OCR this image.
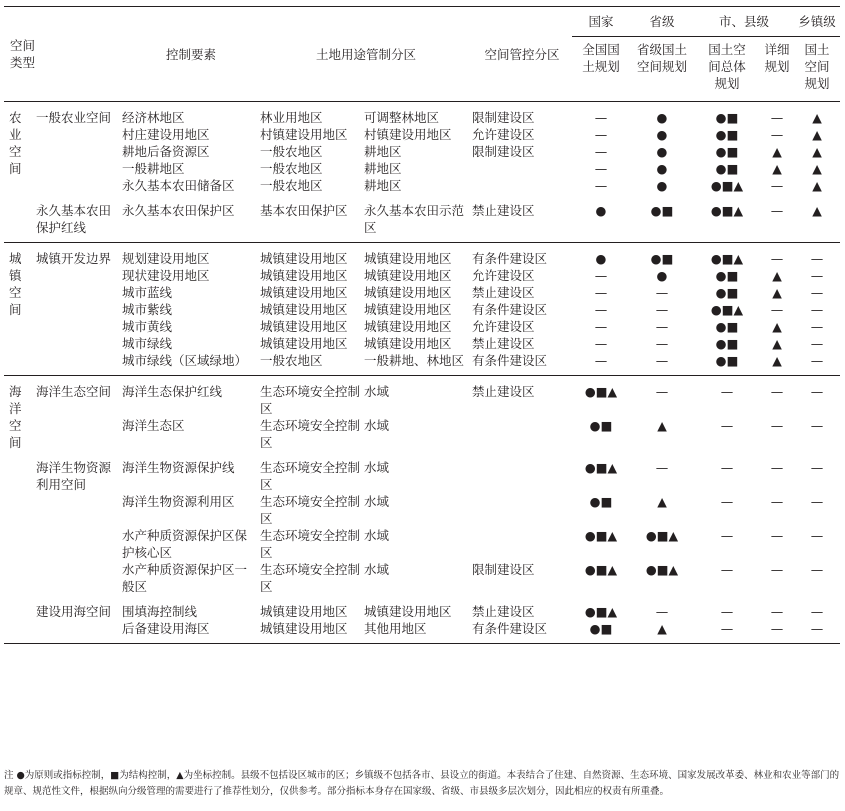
空间类型		控制要素	土地用途管制分区		空间管控分区	国家	省级	市、县级		乡镇级
						全国国土规划	省级国土空间规划	国土空间总体规划	详细规划	国土空间规划

农业空间	一般农业空间	经济林地区	林业用地区	可调整林地区	限制建设区	—	●	●■	—	▲
		村庄建设用地区	村镇建设用地区	村镇建设用地区	允许建设区	—	●	●■	—	▲
		耕地后备资源区	一般农地区	耕地区	限制建设区	—	●	●■	▲	▲
		一般耕地区	一般农地区	耕地区		—	●	●■	▲	▲
		永久基本农田储备区	一般农地区	耕地区		—	●	●■▲	—	▲
	永久基本农田保护红线	永久基本农田保护区	基本农田保护区	永久基本农田示范区	禁止建设区	●	●■	●■▲	—	▲

城镇空间	城镇开发边界	规划建设用地区	城镇建设用地区	城镇建设用地区	有条件建设区	●	●■	●■▲	—	—
		现状建设用地区	城镇建设用地区	城镇建设用地区	允许建设区	—	●	●■	▲	—
		城市蓝线	城镇建设用地区	城镇建设用地区	禁止建设区	—	—	●■	▲	—
		城市紫线	城镇建设用地区	城镇建设用地区	有条件建设区	—	—	●■▲	—	—
		城市黄线	城镇建设用地区	城镇建设用地区	允许建设区	—	—	●■	▲	—
		城市绿线	城镇建设用地区	城镇建设用地区	禁止建设区	—	—	●■	▲	—
		城市绿线（区域绿地）	一般农地区	一般耕地、林地区	有条件建设区	—	—	●■	▲	—

海洋空间	海洋生态空间	海洋生态保护红线	生态环境安全控制区	水域	禁止建设区	●■▲	—	—	—	—
		海洋生态区	生态环境安全控制区	水域		●■	▲	—	—	—
	海洋生物资源利用空间	海洋生物资源保护线	生态环境安全控制区	水域		●■▲	—	—	—	—
		海洋生物资源利用区	生态环境安全控制区	水域		●■	▲	—	—	—
		水产种质资源保护区保护核心区	生态环境安全控制区	水域		●■▲	●■▲	—	—	—
		水产种质资源保护区一般区	生态环境安全控制区	水域	限制建设区	●■▲	●■▲	—	—	—
	建设用海空间	围填海控制线	城镇建设用地区	城镇建设用地区	禁止建设区	●■▲	—	—	—	—
		后备建设用海区	城镇建设用地区	其他用地区	有条件建设区	●■	▲	—	—	—

注 ●为原则或指标控制，■为结构控制，▲为坐标控制。县级不包括设区城市的区；乡镇级不包括各市、县设立的街道。本表结合了住建、自然资源、生态环境、国家发展改革委、林业和农业等部门的规章、规范性文件，根据纵向分级管理的需要进行了推荐性划分，仅供参考。部分指标本身存在国家级、省级、市县级多层次划分，因此相应的权责有所重叠。
